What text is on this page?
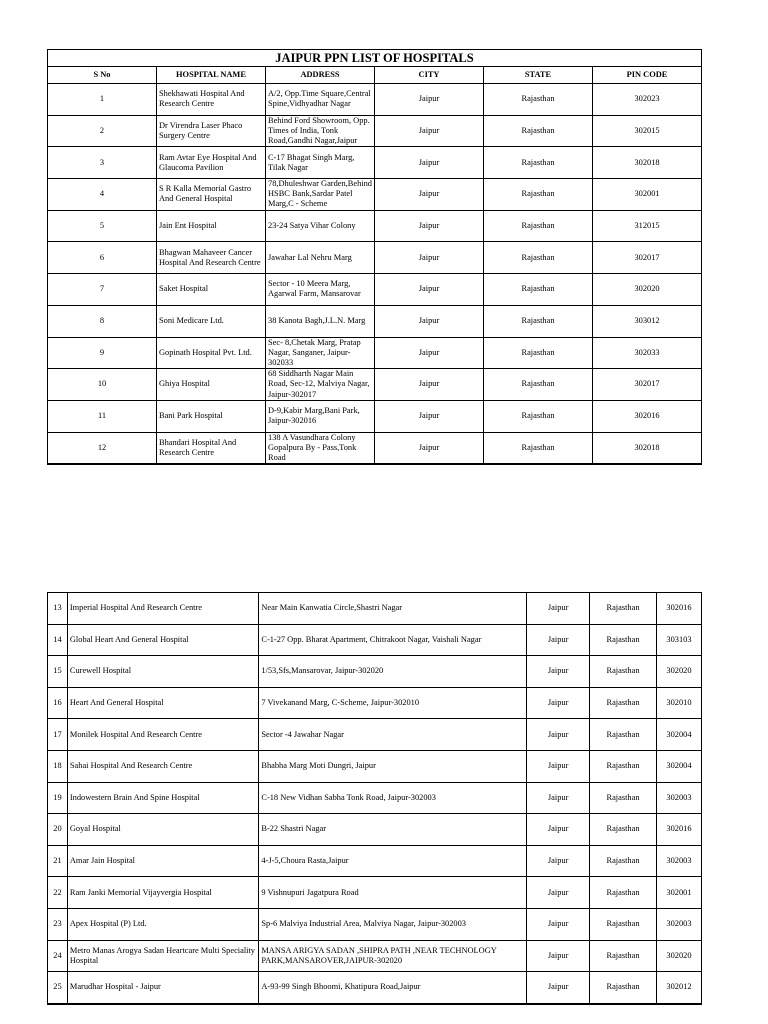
JAIPUR PPN LIST OF HOSPITALS					
S No	HOSPITAL NAME	ADDRESS	CITY	STATE	PIN CODE
1	Shekhawati Hospital And Research Centre	A/2, Opp.Time Square,Central Spine,Vidhyadhar Nagar	Jaipur	Rajasthan	302023
2	Dr Virendra Laser Phaco Surgery Centre	Behind Ford Showroom, Opp. Times of India, Tonk Road,Gandhi Nagar,Jaipur	Jaipur	Rajasthan	302015
3	Ram Avtar Eye Hospital And Glaucoma Pavilion	C-17 Bhagat Singh Marg, Tilak Nagar	Jaipur	Rajasthan	302018
4	S R Kalla Memorial Gastro And General Hospital	78,Dhuleshwar Garden,Behind HSBC Bank,Sardar Patel Marg,C - Scheme	Jaipur	Rajasthan	302001
5	Jain Ent Hospital	23-24 Satya Vihar Colony	Jaipur	Rajasthan	312015
6	Bhagwan Mahaveer Cancer Hospital And Research Centre	Jawahar Lal Nehru Marg	Jaipur	Rajasthan	302017
7	Saket Hospital	Sector - 10 Meera Marg, Agarwal Farm, Mansarovar	Jaipur	Rajasthan	302020
8	Soni Medicare Ltd.	38 Kanota Bagh,J.L.N. Marg	Jaipur	Rajasthan	303012
9	Gopinath Hospital Pvt. Ltd.	Sec- 8,Chetak Marg, Pratap Nagar, Sanganer, Jaipur-302033	Jaipur	Rajasthan	302033
10	Ghiya Hospital	68 Siddharth Nagar Main Road, Sec-12, Malviya Nagar, Jaipur-302017	Jaipur	Rajasthan	302017
11	Bani Park Hospital	D-9,Kabir Marg,Bani Park, Jaipur-302016	Jaipur	Rajasthan	302016
12	Bhandari Hospital And Research Centre	138 A Vasundhara Colony Gopalpura By - Pass,Tonk Road	Jaipur	Rajasthan	302018
13	Imperial Hospital And Research Centre	Near Main Kanwatia Circle,Shastri Nagar	Jaipur	Rajasthan	302016
14	Global Heart And General Hospital	C-1-27 Opp. Bharat Apartment, Chitrakoot Nagar, Vaishali Nagar	Jaipur	Rajasthan	303103
15	Curewell Hospital	1/53,Sfs,Mansarovar, Jaipur-302020	Jaipur	Rajasthan	302020
16	Heart And General Hospital	7 Vivekanand Marg, C-Scheme, Jaipur-302010	Jaipur	Rajasthan	302010
17	Monilek Hospital And Research Centre	Sector -4 Jawahar Nagar	Jaipur	Rajasthan	302004
18	Sahai Hospital And Research Centre	Bhabha Marg Moti Dungri, Jaipur	Jaipur	Rajasthan	302004
19	Indowestern Brain And Spine Hospital	C-18 New Vidhan Sabha Tonk Road, Jaipur-302003	Jaipur	Rajasthan	302003
20	Goyal Hospital	B-22 Shastri Nagar	Jaipur	Rajasthan	302016
21	Amar Jain Hospital	4-J-5,Choura Rasta,Jaipur	Jaipur	Rajasthan	302003
22	Ram Janki Memorial Vijayvergia Hospital	9 Vishnupuri Jagatpura Road	Jaipur	Rajasthan	302001
23	Apex Hospital (P) Ltd.	Sp-6 Malviya Industrial Area, Malviya Nagar, Jaipur-302003	Jaipur	Rajasthan	302003
24	Metro Manas Arogya Sadan Heartcare Multi Speciality Hospital	MANSA ARIGYA SADAN ,SHIPRA PATH ,NEAR TECHNOLOGY PARK,MANSAROVER,JAIPUR-302020	Jaipur	Rajasthan	302020
25	Marudhar Hospital - Jaipur	A-93-99 Singh Bhoomi, Khatipura Road,Jaipur	Jaipur	Rajasthan	302012
